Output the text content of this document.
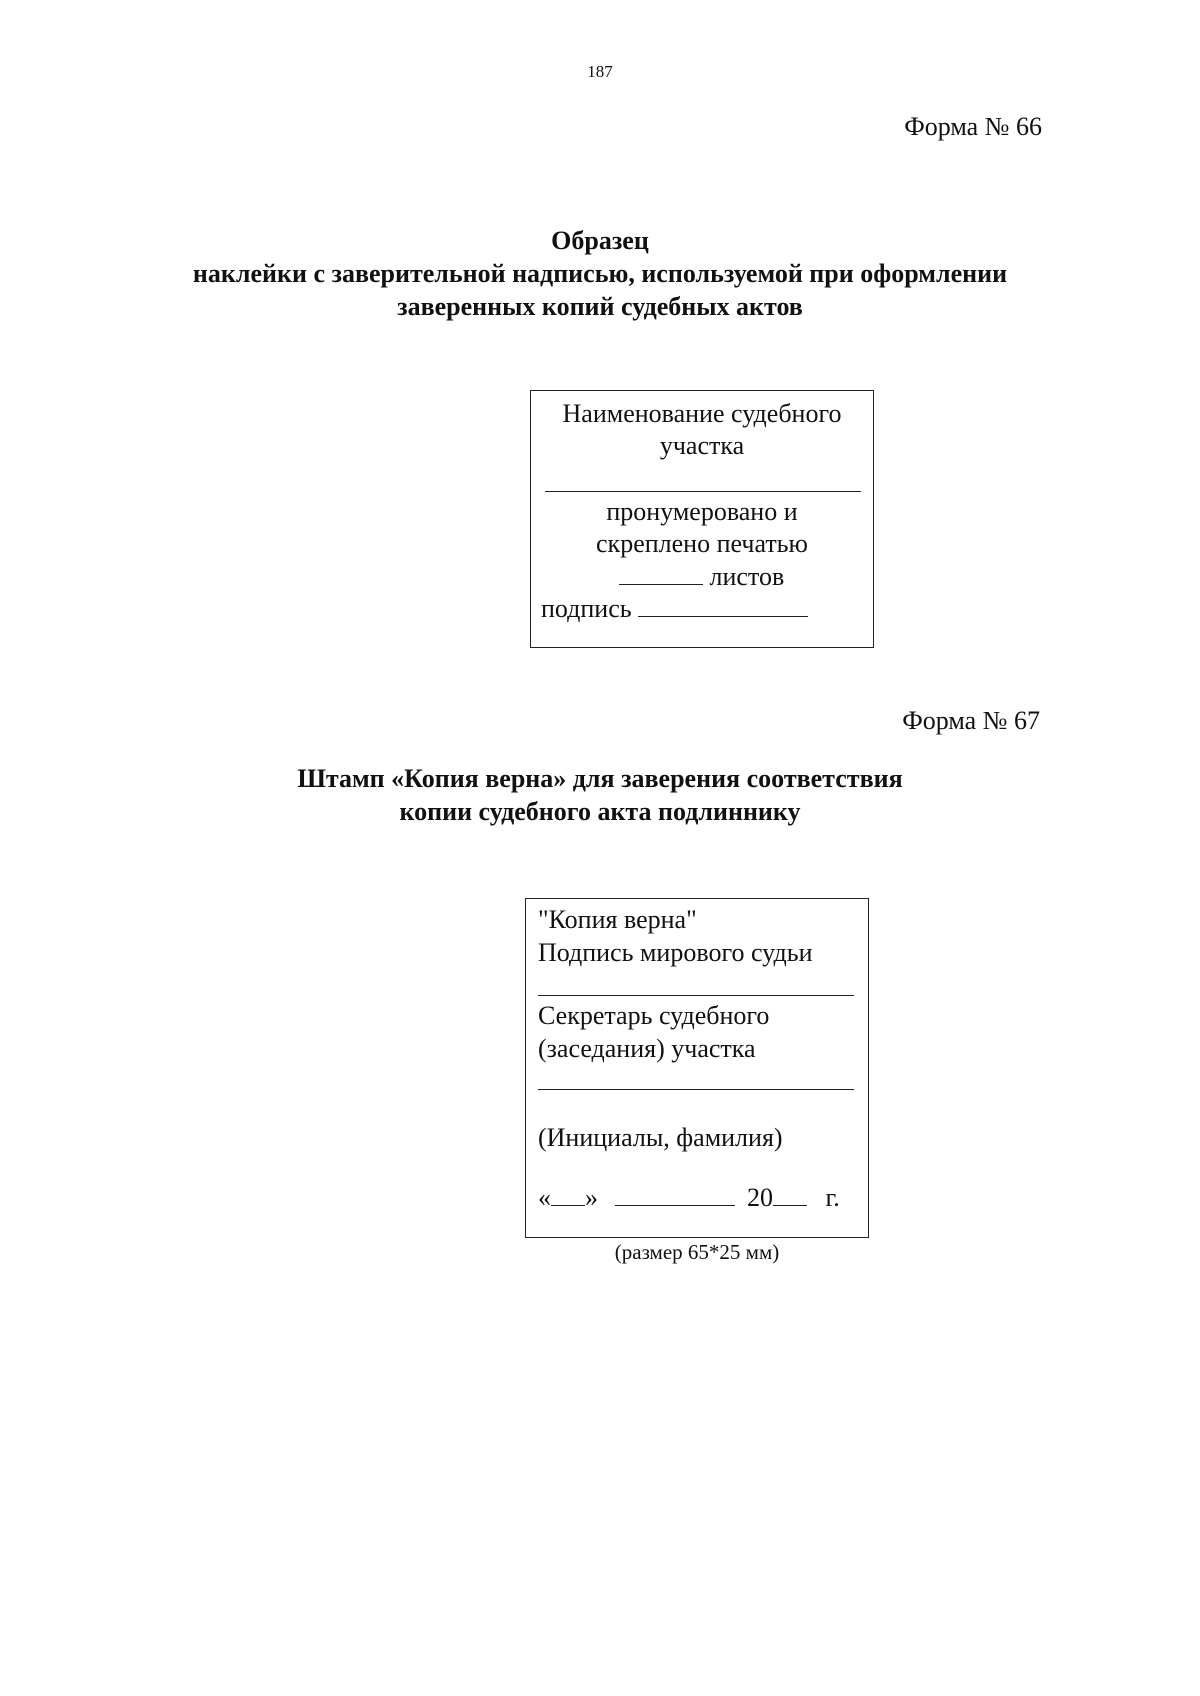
187
Форма № 66
Образец
наклейки с заверительной надписью, используемой при оформлении
заверенных копий судебных актов
Наименование судебного
участка
пронумеровано и
скреплено печатью
листов
подпись
Форма № 67
Штамп «Копия верна» для заверения соответствия
копии судебного акта подлиннику
"Копия верна"
Подпись мирового судьи
Секретарь судебного
(заседания) участка
(Инициалы, фамилия)
« »	20 г.
(размер 65*25 мм)
